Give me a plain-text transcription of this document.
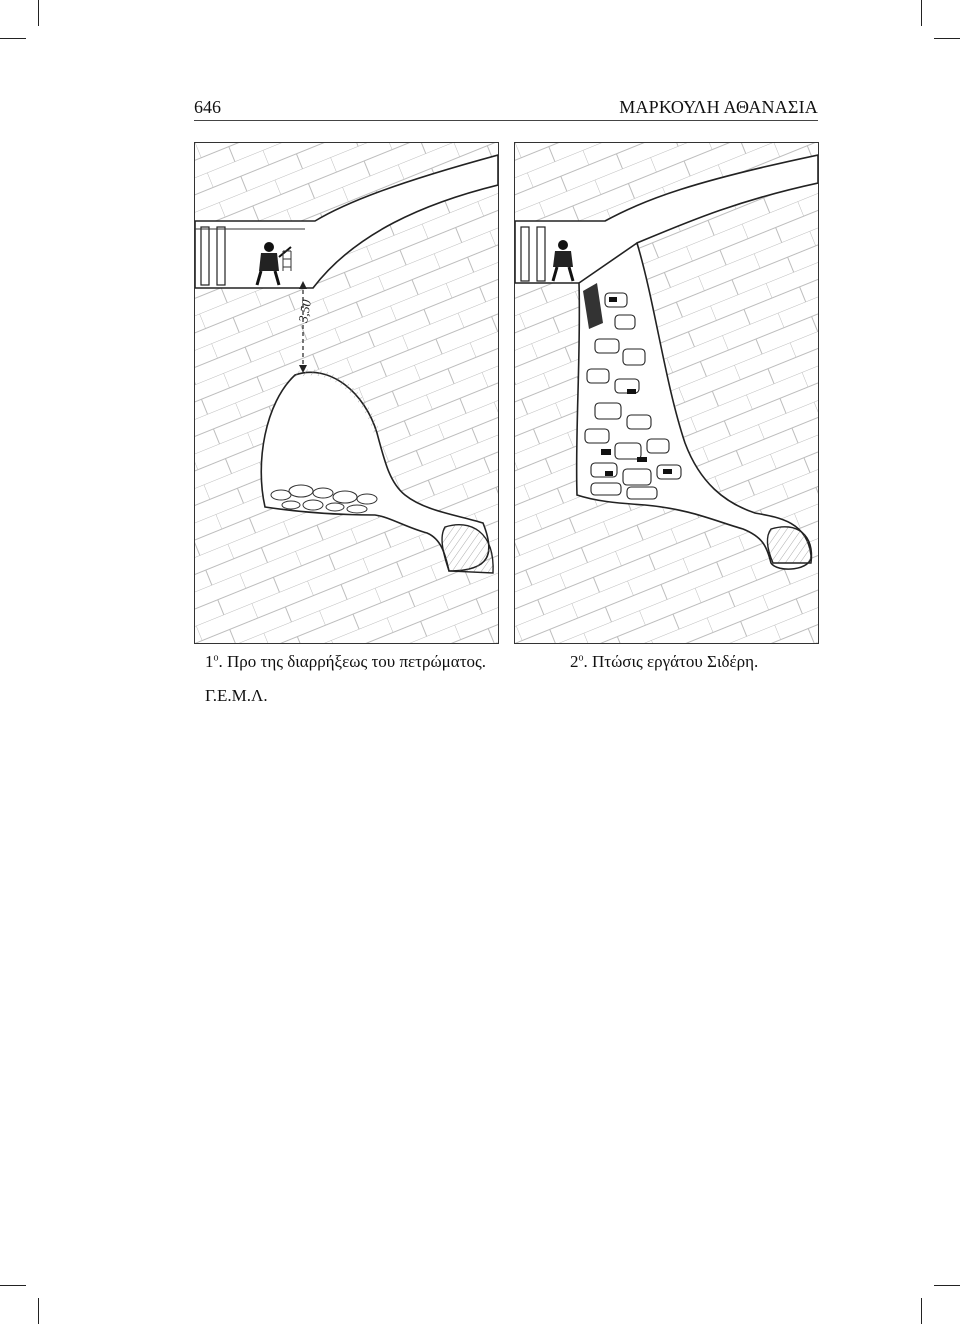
646	ΜΑΡΚΟΥΛΗ ΑΘΑΝΑΣΙΑ
3,50
$1^o$. Προ της διαρρήξεως του πετρώματος.	$2^o$. Πτώσις εργάτου Σιδέρη.
Γ.Ε.Μ.Λ.
